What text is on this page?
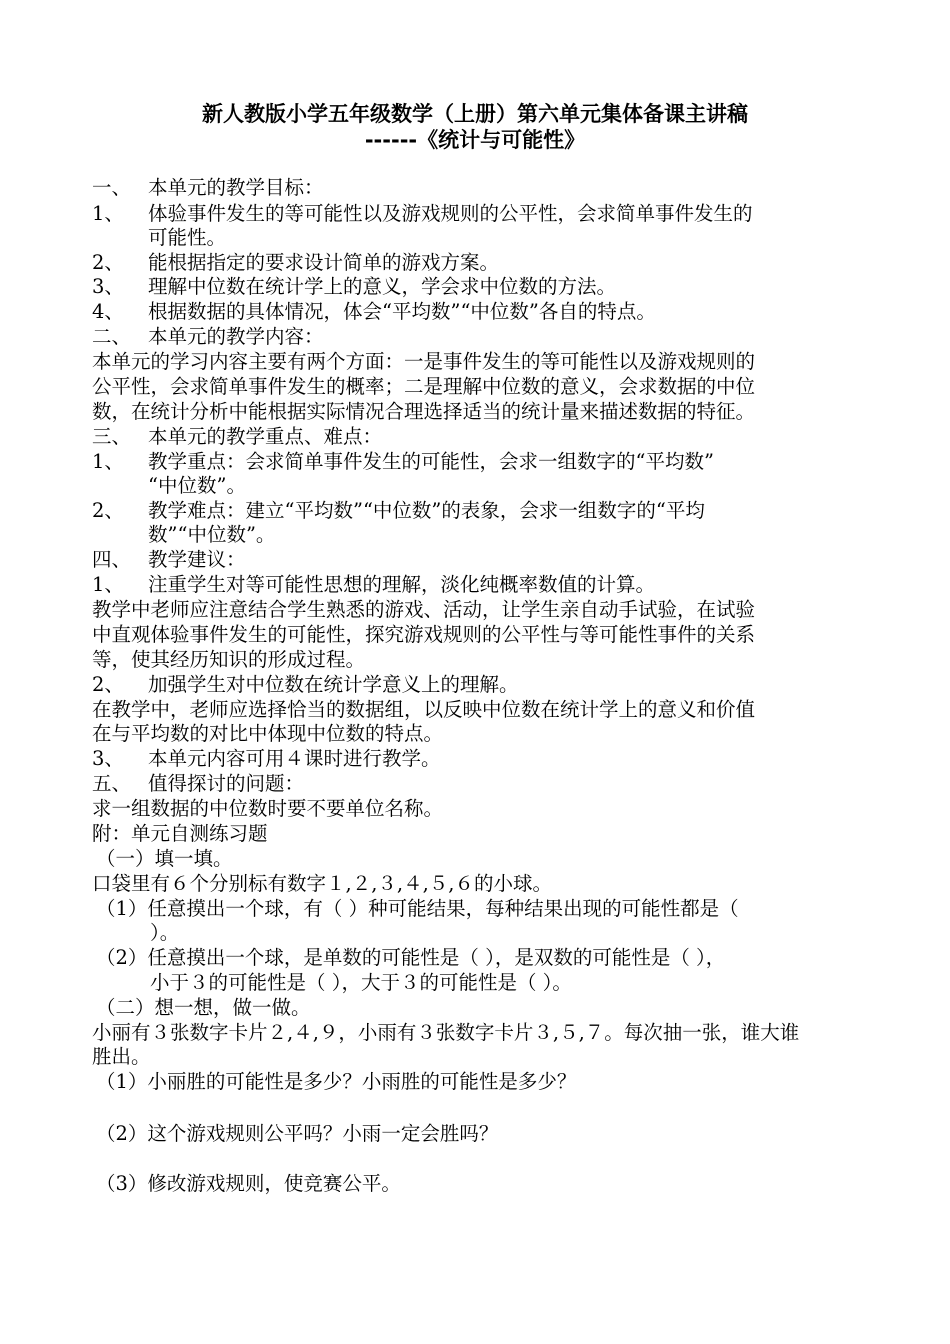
新人教版小学五年级数学（上册）第六单元集体备课主讲稿
------《统计与可能性》
一、 本单元的教学目标：
1、 体验事件发生的等可能性以及游戏规则的公平性，会求简单事件发生的
可能性。
2、 能根据指定的要求设计简单的游戏方案。
3、 理解中位数在统计学上的意义，学会求中位数的方法。
4、 根据数据的具体情况，体会“平均数”“中位数”各自的特点。
二、 本单元的教学内容：
本单元的学习内容主要有两个方面：一是事件发生的等可能性以及游戏规则的
公平性，会求简单事件发生的概率；二是理解中位数的意义，会求数据的中位
数，在统计分析中能根据实际情况合理选择适当的统计量来描述数据的特征。
三、 本单元的教学重点、难点：
1、 教学重点：会求简单事件发生的可能性，会求一组数字的“平均数”
“中位数”。
2、 教学难点：建立“平均数”“中位数”的表象，会求一组数字的“平均
数”“中位数”。
四、 教学建议：
1、 注重学生对等可能性思想的理解，淡化纯概率数值的计算。
教学中老师应注意结合学生熟悉的游戏、活动，让学生亲自动手试验，在试验
中直观体验事件发生的可能性，探究游戏规则的公平性与等可能性事件的关系
等，使其经历知识的形成过程。
2、 加强学生对中位数在统计学意义上的理解。
在教学中，老师应选择恰当的数据组，以反映中位数在统计学上的意义和价值
在与平均数的对比中体现中位数的特点。
3、 本单元内容可用４课时进行教学。
五、 值得探讨的问题：
求一组数据的中位数时要不要单位名称。
附：单元自测练习题
（一）填一填。
口袋里有６个分别标有数字１,２,３,４,５,６的小球。
（1）任意摸出一个球，有（ ）种可能结果，每种结果出现的可能性都是（
）。
（2）任意摸出一个球，是单数的可能性是（ ），是双数的可能性是（ ），
小于３的可能性是（ ），大于３的可能性是（ ）。
（二）想一想，做一做。
小丽有３张数字卡片２,４,９，小雨有３张数字卡片３,５,７。每次抽一张，谁大谁
胜出。
（1）小丽胜的可能性是多少？小雨胜的可能性是多少？
（2）这个游戏规则公平吗？小雨一定会胜吗？
（3）修改游戏规则，使竞赛公平。
